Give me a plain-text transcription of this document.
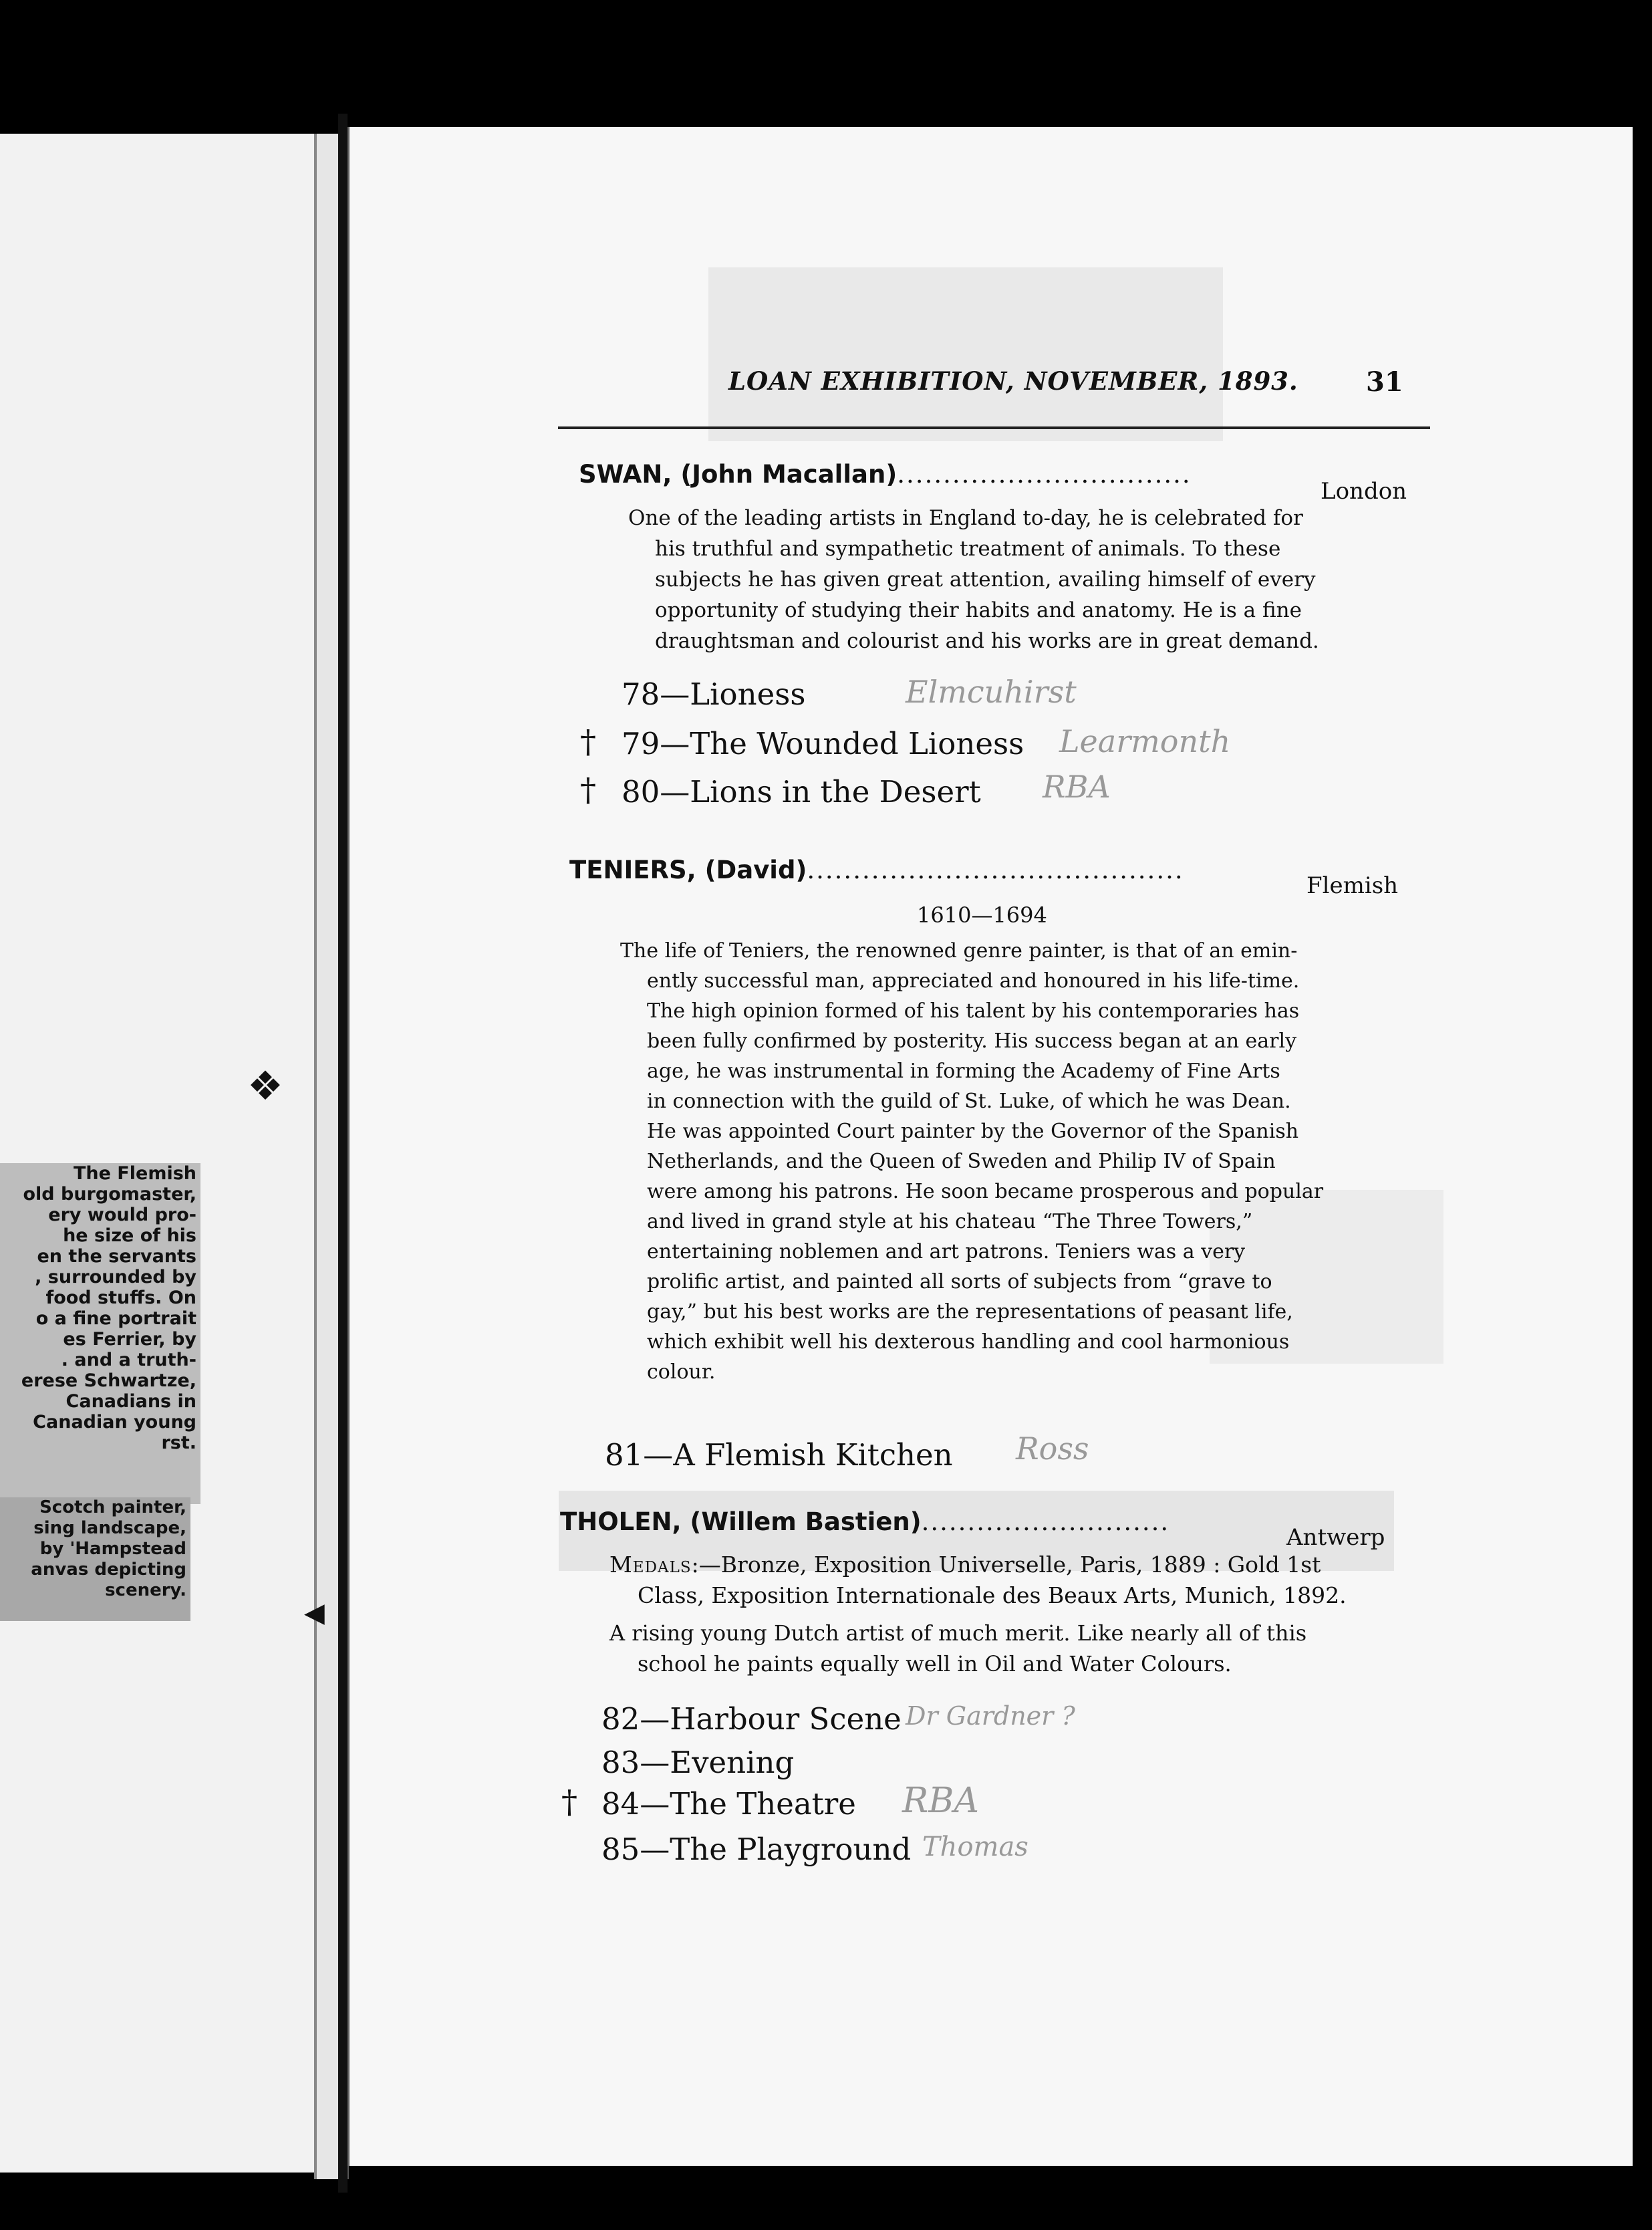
The Flemish
old burgomaster,
ery would pro-
he size of his
en the servants
, surrounded by
food stuffs. On
o a fine portrait
es Ferrier, by
. and a truth-
erese Schwartze,
Canadians in
Canadian young
rst.
Scotch painter,
sing landscape,
by 'Hampstead
anvas depicting
scenery.
❖
◀
LOAN EXHIBITION, NOVEMBER, 1893.	31
SWAN, (John Macallan)................................
London
One of the leading artists in England to-day, he is celebrated for
his truthful and sympathetic treatment of animals. To these
subjects he has given great attention, availing himself of every
opportunity of studying their habits and anatomy. He is a fine
draughtsman and colourist and his works are in great demand.
78—Lioness	Elmcuhirst
† 79—The Wounded Lioness Learmonth
† 80—Lions in the Desert RBA
TENIERS, (David).........................................
Flemish
1610—1694
The life of Teniers, the renowned genre painter, is that of an emin-
ently successful man, appreciated and honoured in his life-time.
The high opinion formed of his talent by his contemporaries has
been fully confirmed by posterity. His success began at an early
age, he was instrumental in forming the Academy of Fine Arts
in connection with the guild of St. Luke, of which he was Dean.
He was appointed Court painter by the Governor of the Spanish
Netherlands, and the Queen of Sweden and Philip IV of Spain
were among his patrons. He soon became prosperous and popular
and lived in grand style at his chateau “The Three Towers,”
entertaining noblemen and art patrons. Teniers was a very
prolific artist, and painted all sorts of subjects from “grave to
gay,” but his best works are the representations of peasant life,
which exhibit well his dexterous handling and cool harmonious
colour.
81—A Flemish Kitchen Ross
THOLEN, (Willem Bastien)...........................
Antwerp
Medals:—Bronze, Exposition Universelle, Paris, 1889 : Gold 1st
Class, Exposition Internationale des Beaux Arts, Munich, 1892.
A rising young Dutch artist of much merit. Like nearly all of this
school he paints equally well in Oil and Water Colours.
82—Harbour Scene Dr Gardner ?
83—Evening
† 84—The Theatre RBA
85—The Playground Thomas
